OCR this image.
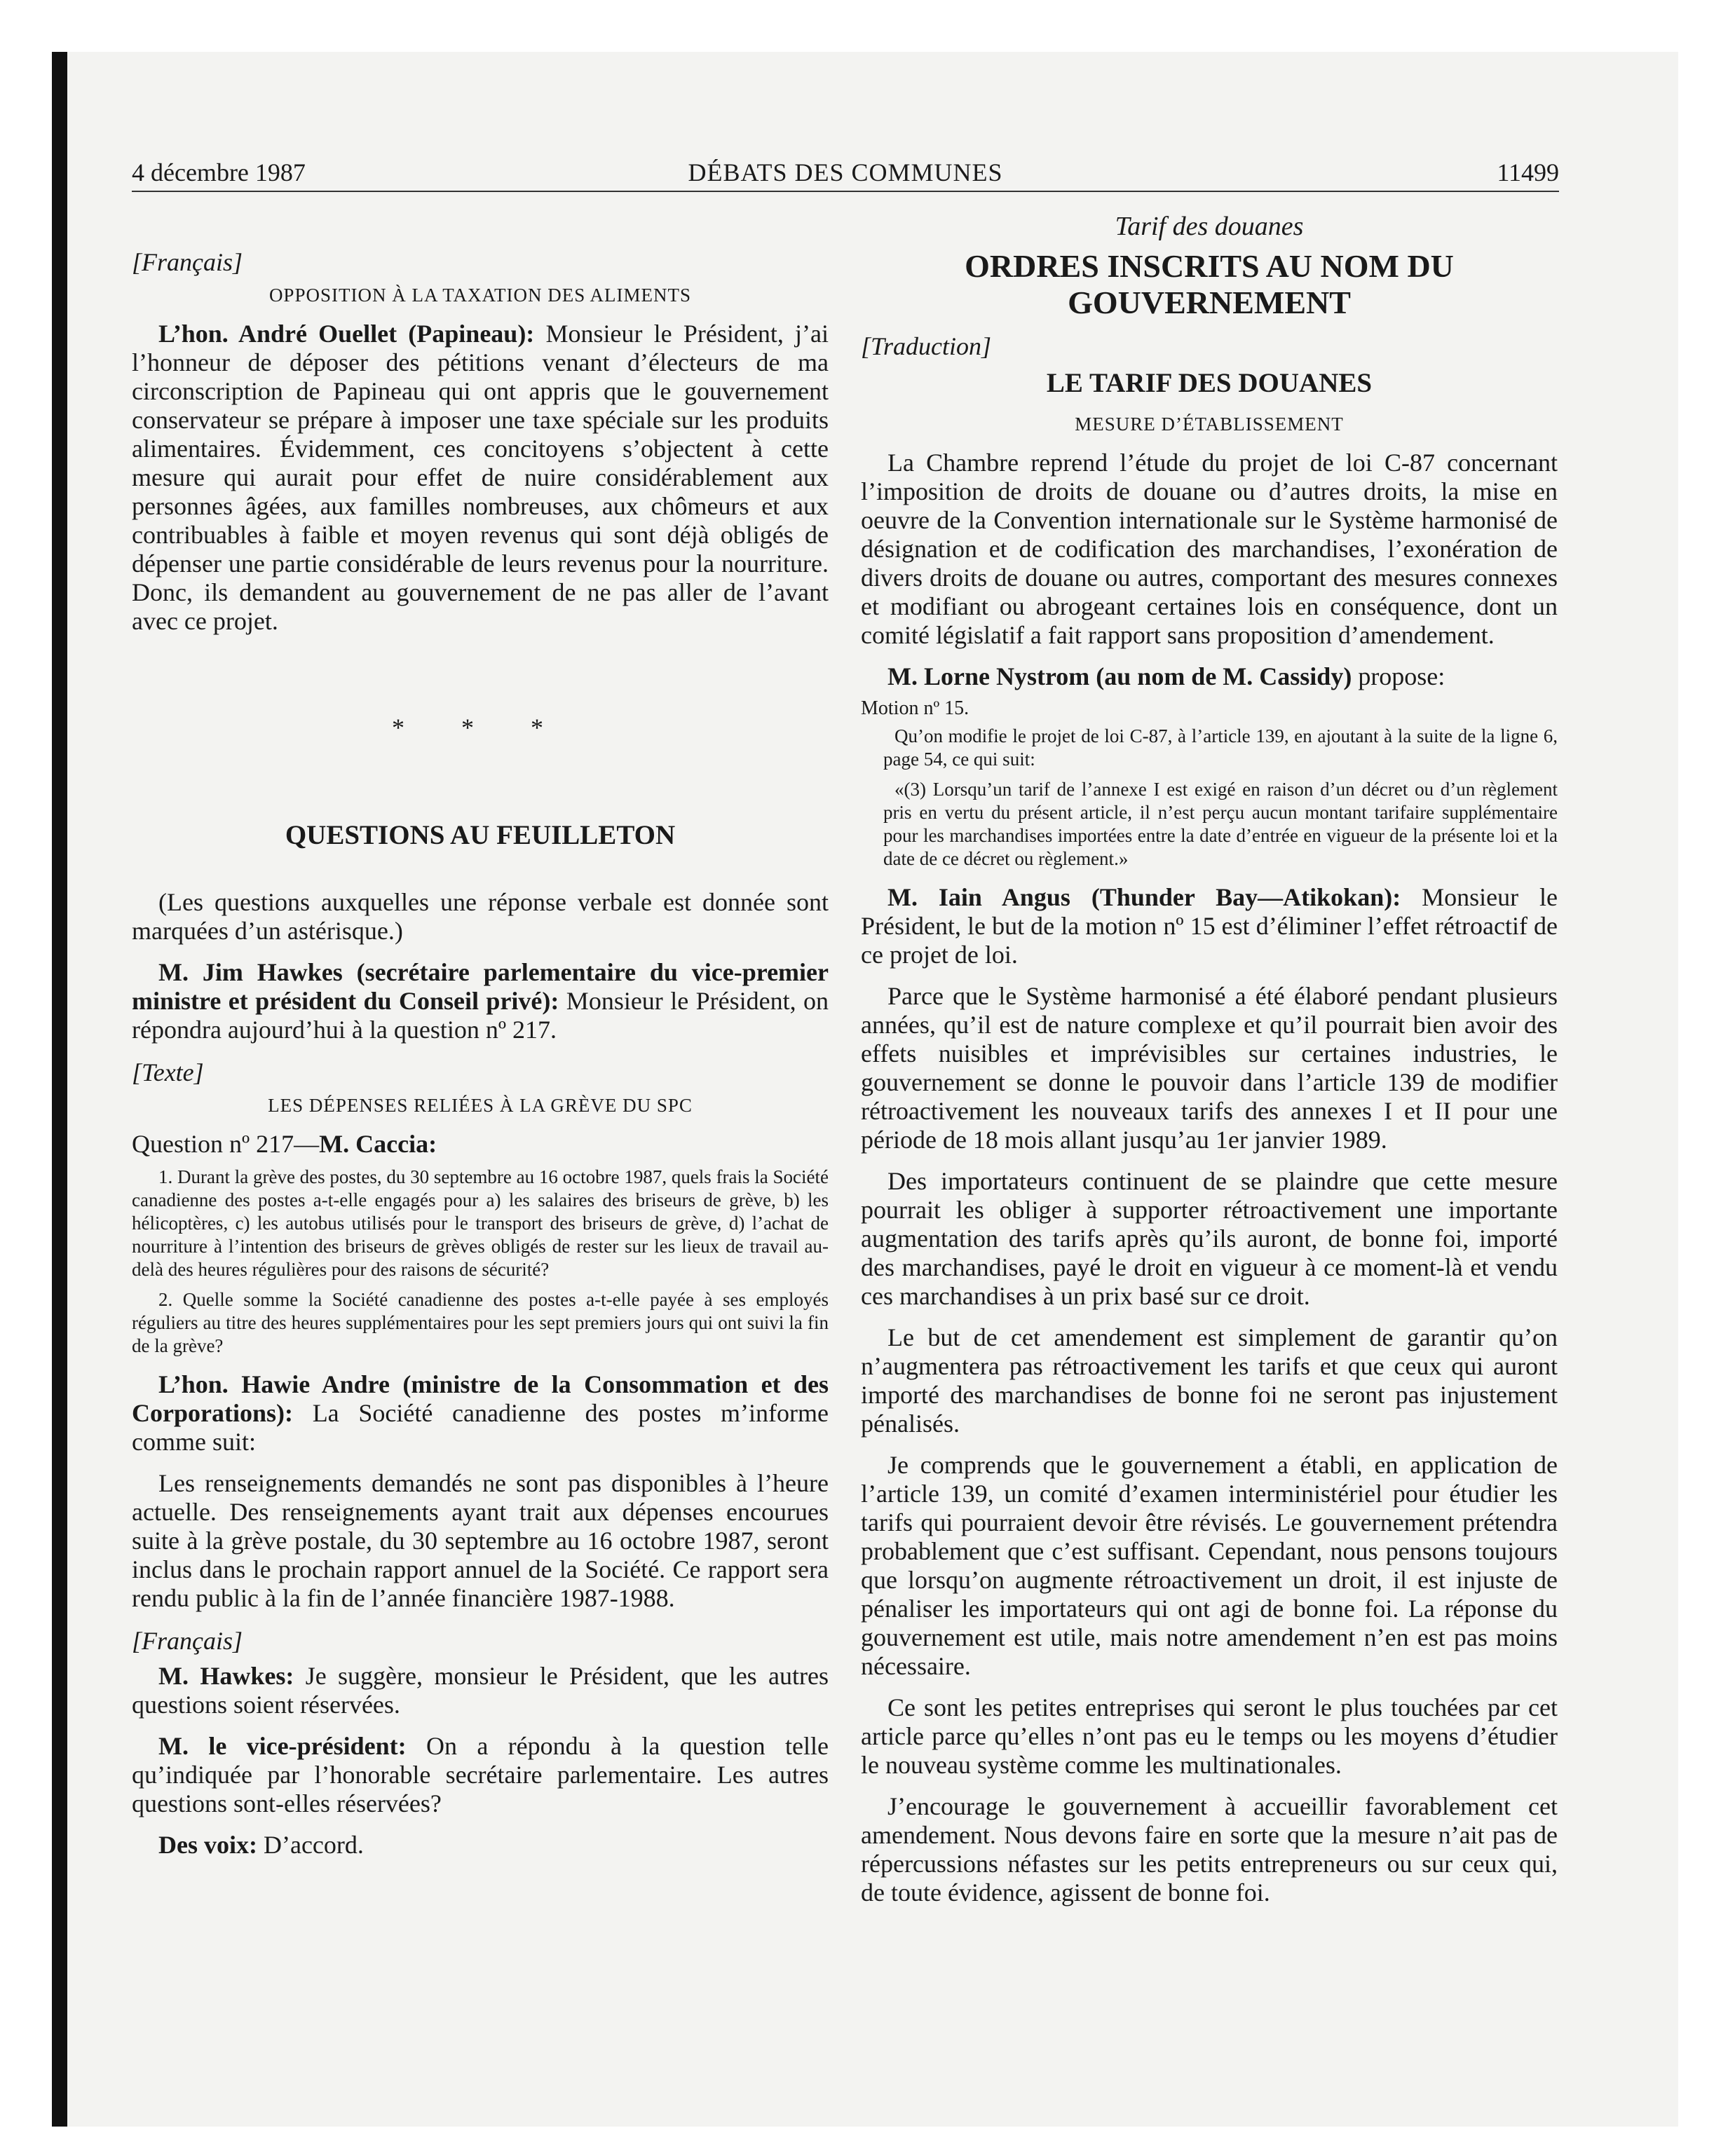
4 décembre 1987	DÉBATS DES COMMUNES	11499

[Français]

OPPOSITION À LA TAXATION DES ALIMENTS

L’hon. André Ouellet (Papineau): Monsieur le Président, j’ai l’honneur de déposer des pétitions venant d’électeurs de ma circonscription de Papineau qui ont appris que le gouvernement conservateur se prépare à imposer une taxe spéciale sur les produits alimentaires. Évidemment, ces concitoyens s’objectent à cette mesure qui aurait pour effet de nuire considérablement aux personnes âgées, aux familles nombreuses, aux chômeurs et aux contribuables à faible et moyen revenus qui sont déjà obligés de dépenser une partie considérable de leurs revenus pour la nourriture. Donc, ils demandent au gouvernement de ne pas aller de l’avant avec ce projet.

* * *

QUESTIONS AU FEUILLETON

(Les questions auxquelles une réponse verbale est donnée sont marquées d’un astérisque.)

M. Jim Hawkes (secrétaire parlementaire du vice-premier ministre et président du Conseil privé): Monsieur le Président, on répondra aujourd’hui à la question nº 217.

[Texte]

LES DÉPENSES RELIÉES À LA GRÈVE DU SPC

Question nº 217—M. Caccia:

1. Durant la grève des postes, du 30 septembre au 16 octobre 1987, quels frais la Société canadienne des postes a-t-elle engagés pour a) les salaires des briseurs de grève, b) les hélicoptères, c) les autobus utilisés pour le transport des briseurs de grève, d) l’achat de nourriture à l’intention des briseurs de grèves obligés de rester sur les lieux de travail au-delà des heures régulières pour des raisons de sécurité?

2. Quelle somme la Société canadienne des postes a-t-elle payée à ses employés réguliers au titre des heures supplémentaires pour les sept premiers jours qui ont suivi la fin de la grève?

L’hon. Hawie Andre (ministre de la Consommation et des Corporations): La Société canadienne des postes m’informe comme suit:

Les renseignements demandés ne sont pas disponibles à l’heure actuelle. Des renseignements ayant trait aux dépenses encourues suite à la grève postale, du 30 septembre au 16 octobre 1987, seront inclus dans le prochain rapport annuel de la Société. Ce rapport sera rendu public à la fin de l’année financière 1987-1988.

[Français]

M. Hawkes: Je suggère, monsieur le Président, que les autres questions soient réservées.

M. le vice-président: On a répondu à la question telle qu’indiquée par l’honorable secrétaire parlementaire. Les autres questions sont-elles réservées?

Des voix: D’accord.

Tarif des douanes

ORDRES INSCRITS AU NOM DU GOUVERNEMENT

[Traduction]

LE TARIF DES DOUANES

MESURE D’ÉTABLISSEMENT

La Chambre reprend l’étude du projet de loi C-87 concernant l’imposition de droits de douane ou d’autres droits, la mise en oeuvre de la Convention internationale sur le Système harmonisé de désignation et de codification des marchandises, l’exonération de divers droits de douane ou autres, comportant des mesures connexes et modifiant ou abrogeant certaines lois en conséquence, dont un comité législatif a fait rapport sans proposition d’amendement.

M. Lorne Nystrom (au nom de M. Cassidy) propose:

Motion nº 15.

Qu’on modifie le projet de loi C-87, à l’article 139, en ajoutant à la suite de la ligne 6, page 54, ce qui suit:

«(3) Lorsqu’un tarif de l’annexe I est exigé en raison d’un décret ou d’un règlement pris en vertu du présent article, il n’est perçu aucun montant tarifaire supplémentaire pour les marchandises importées entre la date d’entrée en vigueur de la présente loi et la date de ce décret ou règlement.»

M. Iain Angus (Thunder Bay—Atikokan): Monsieur le Président, le but de la motion nº 15 est d’éliminer l’effet rétroactif de ce projet de loi.

Parce que le Système harmonisé a été élaboré pendant plusieurs années, qu’il est de nature complexe et qu’il pourrait bien avoir des effets nuisibles et imprévisibles sur certaines industries, le gouvernement se donne le pouvoir dans l’article 139 de modifier rétroactivement les nouveaux tarifs des annexes I et II pour une période de 18 mois allant jusqu’au 1er janvier 1989.

Des importateurs continuent de se plaindre que cette mesure pourrait les obliger à supporter rétroactivement une importante augmentation des tarifs après qu’ils auront, de bonne foi, importé des marchandises, payé le droit en vigueur à ce moment-là et vendu ces marchandises à un prix basé sur ce droit.

Le but de cet amendement est simplement de garantir qu’on n’augmentera pas rétroactivement les tarifs et que ceux qui auront importé des marchandises de bonne foi ne seront pas injustement pénalisés.

Je comprends que le gouvernement a établi, en application de l’article 139, un comité d’examen interministériel pour étudier les tarifs qui pourraient devoir être révisés. Le gouvernement prétendra probablement que c’est suffisant. Cependant, nous pensons toujours que lorsqu’on augmente rétroactivement un droit, il est injuste de pénaliser les importateurs qui ont agi de bonne foi. La réponse du gouvernement est utile, mais notre amendement n’en est pas moins nécessaire.

Ce sont les petites entreprises qui seront le plus touchées par cet article parce qu’elles n’ont pas eu le temps ou les moyens d’étudier le nouveau système comme les multinationales.

J’encourage le gouvernement à accueillir favorablement cet amendement. Nous devons faire en sorte que la mesure n’ait pas de répercussions néfastes sur les petits entrepreneurs ou sur ceux qui, de toute évidence, agissent de bonne foi.
